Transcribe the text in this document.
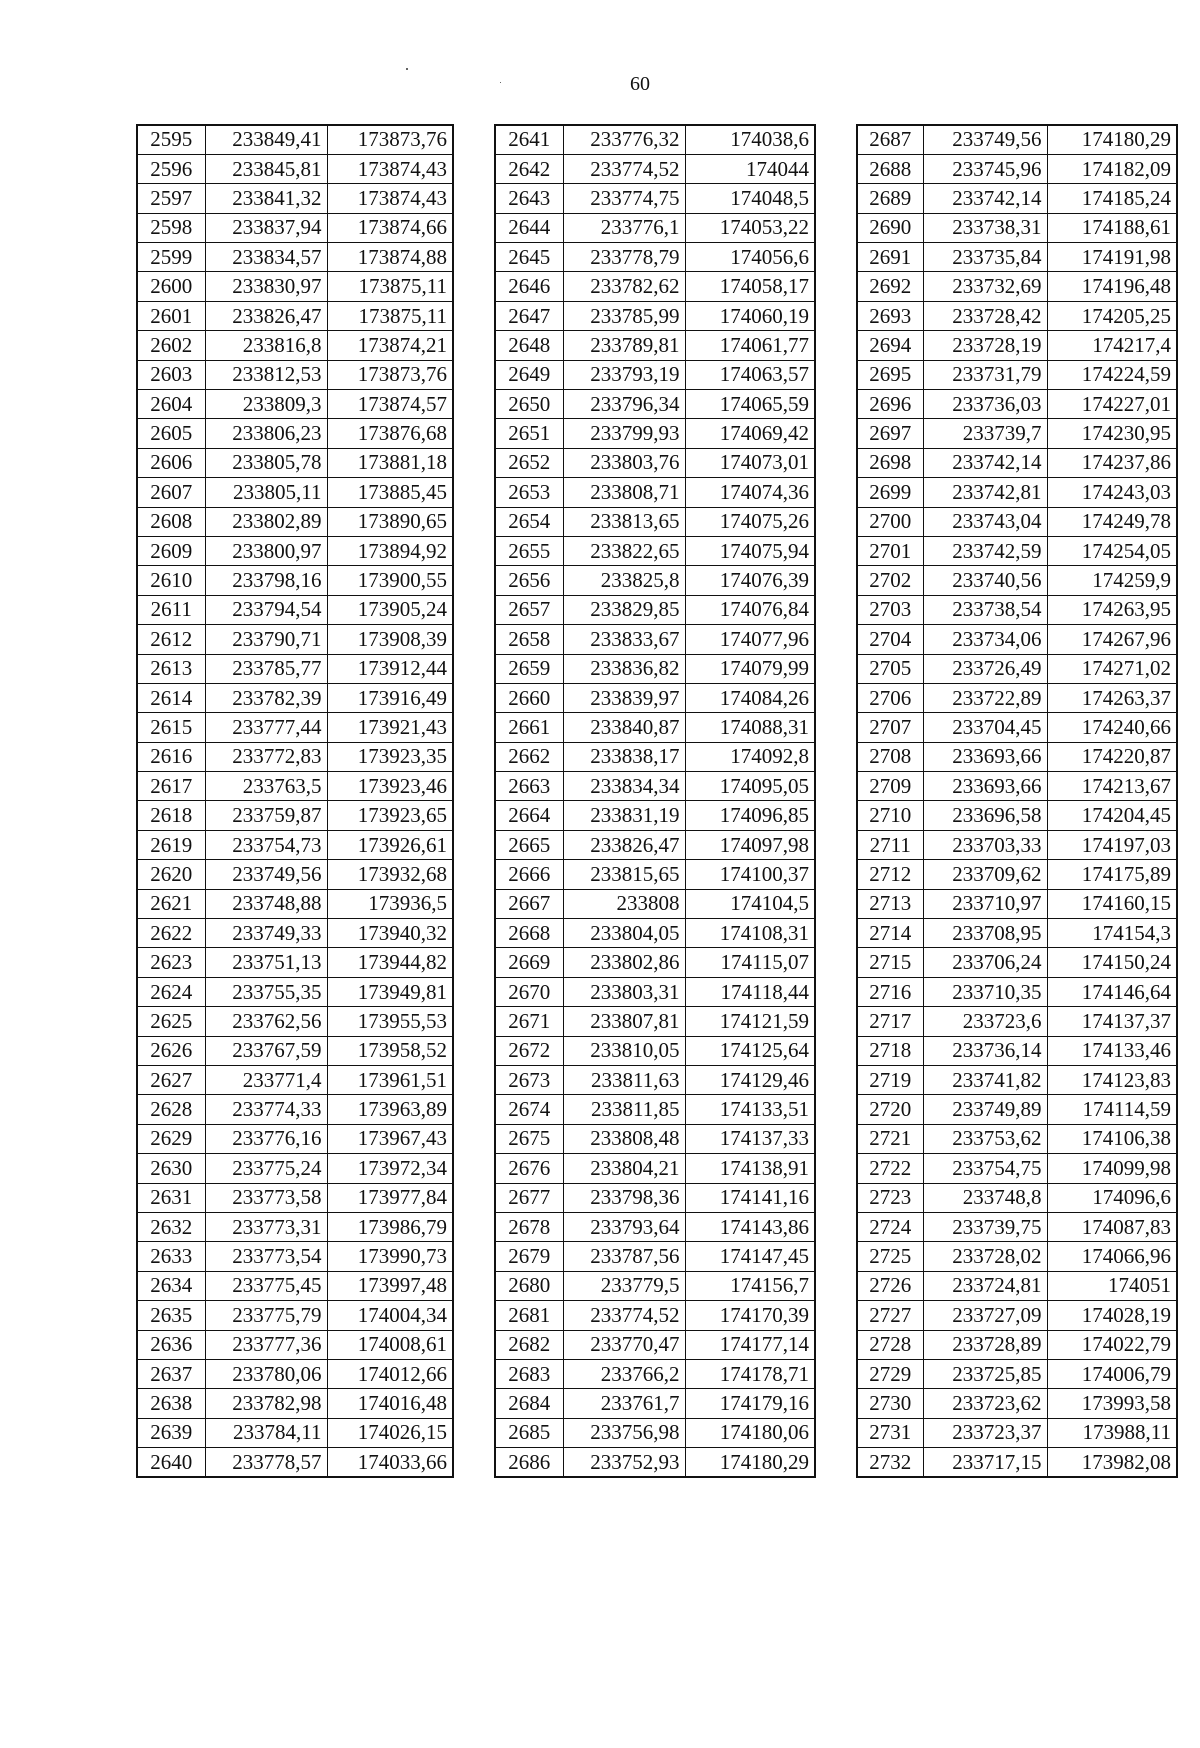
60
2595	233849,41	173873,76
2596	233845,81	173874,43
2597	233841,32	173874,43
2598	233837,94	173874,66
2599	233834,57	173874,88
2600	233830,97	173875,11
2601	233826,47	173875,11
2602	233816,8	173874,21
2603	233812,53	173873,76
2604	233809,3	173874,57
2605	233806,23	173876,68
2606	233805,78	173881,18
2607	233805,11	173885,45
2608	233802,89	173890,65
2609	233800,97	173894,92
2610	233798,16	173900,55
2611	233794,54	173905,24
2612	233790,71	173908,39
2613	233785,77	173912,44
2614	233782,39	173916,49
2615	233777,44	173921,43
2616	233772,83	173923,35
2617	233763,5	173923,46
2618	233759,87	173923,65
2619	233754,73	173926,61
2620	233749,56	173932,68
2621	233748,88	173936,5
2622	233749,33	173940,32
2623	233751,13	173944,82
2624	233755,35	173949,81
2625	233762,56	173955,53
2626	233767,59	173958,52
2627	233771,4	173961,51
2628	233774,33	173963,89
2629	233776,16	173967,43
2630	233775,24	173972,34
2631	233773,58	173977,84
2632	233773,31	173986,79
2633	233773,54	173990,73
2634	233775,45	173997,48
2635	233775,79	174004,34
2636	233777,36	174008,61
2637	233780,06	174012,66
2638	233782,98	174016,48
2639	233784,11	174026,15
2640	233778,57	174033,66
2641	233776,32	174038,6
2642	233774,52	174044
2643	233774,75	174048,5
2644	233776,1	174053,22
2645	233778,79	174056,6
2646	233782,62	174058,17
2647	233785,99	174060,19
2648	233789,81	174061,77
2649	233793,19	174063,57
2650	233796,34	174065,59
2651	233799,93	174069,42
2652	233803,76	174073,01
2653	233808,71	174074,36
2654	233813,65	174075,26
2655	233822,65	174075,94
2656	233825,8	174076,39
2657	233829,85	174076,84
2658	233833,67	174077,96
2659	233836,82	174079,99
2660	233839,97	174084,26
2661	233840,87	174088,31
2662	233838,17	174092,8
2663	233834,34	174095,05
2664	233831,19	174096,85
2665	233826,47	174097,98
2666	233815,65	174100,37
2667	233808	174104,5
2668	233804,05	174108,31
2669	233802,86	174115,07
2670	233803,31	174118,44
2671	233807,81	174121,59
2672	233810,05	174125,64
2673	233811,63	174129,46
2674	233811,85	174133,51
2675	233808,48	174137,33
2676	233804,21	174138,91
2677	233798,36	174141,16
2678	233793,64	174143,86
2679	233787,56	174147,45
2680	233779,5	174156,7
2681	233774,52	174170,39
2682	233770,47	174177,14
2683	233766,2	174178,71
2684	233761,7	174179,16
2685	233756,98	174180,06
2686	233752,93	174180,29
2687	233749,56	174180,29
2688	233745,96	174182,09
2689	233742,14	174185,24
2690	233738,31	174188,61
2691	233735,84	174191,98
2692	233732,69	174196,48
2693	233728,42	174205,25
2694	233728,19	174217,4
2695	233731,79	174224,59
2696	233736,03	174227,01
2697	233739,7	174230,95
2698	233742,14	174237,86
2699	233742,81	174243,03
2700	233743,04	174249,78
2701	233742,59	174254,05
2702	233740,56	174259,9
2703	233738,54	174263,95
2704	233734,06	174267,96
2705	233726,49	174271,02
2706	233722,89	174263,37
2707	233704,45	174240,66
2708	233693,66	174220,87
2709	233693,66	174213,67
2710	233696,58	174204,45
2711	233703,33	174197,03
2712	233709,62	174175,89
2713	233710,97	174160,15
2714	233708,95	174154,3
2715	233706,24	174150,24
2716	233710,35	174146,64
2717	233723,6	174137,37
2718	233736,14	174133,46
2719	233741,82	174123,83
2720	233749,89	174114,59
2721	233753,62	174106,38
2722	233754,75	174099,98
2723	233748,8	174096,6
2724	233739,75	174087,83
2725	233728,02	174066,96
2726	233724,81	174051
2727	233727,09	174028,19
2728	233728,89	174022,79
2729	233725,85	174006,79
2730	233723,62	173993,58
2731	233723,37	173988,11
2732	233717,15	173982,08
